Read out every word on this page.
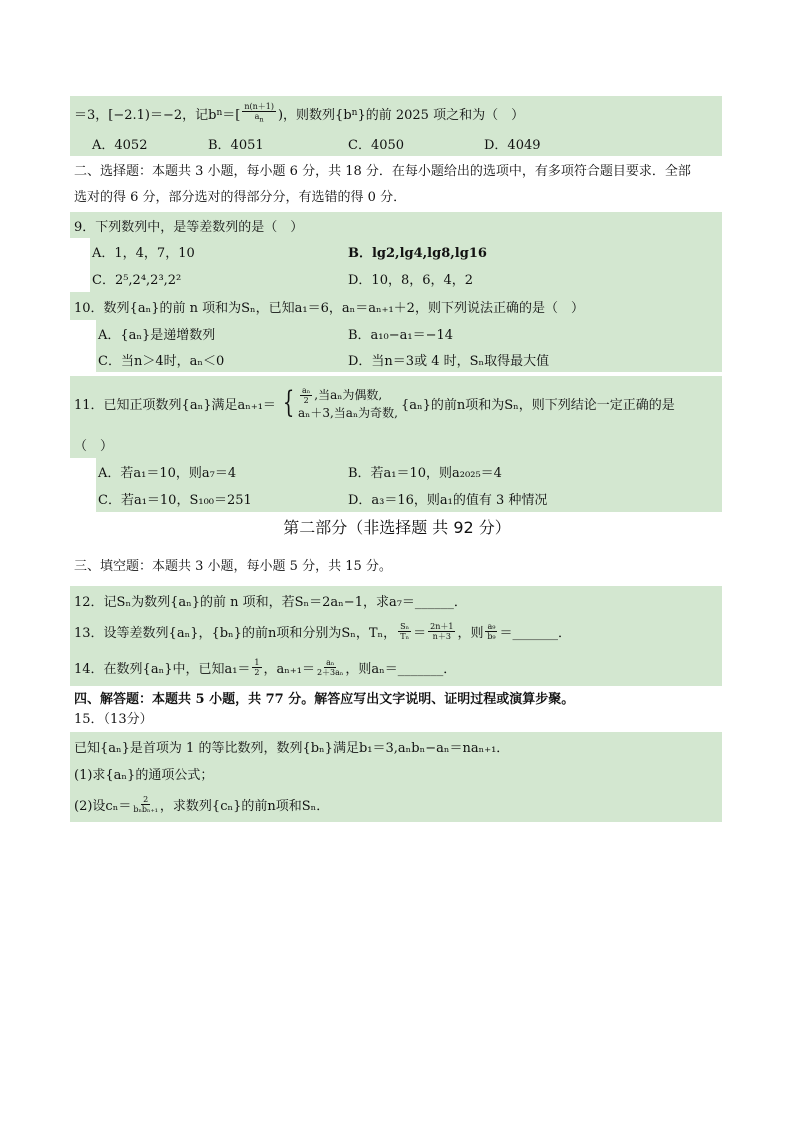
＝3，[−2.1)＝−2，记b n ＝[ $\frac{n(n+1)}{a_n}$ )，则数列{b n }的前 2025 项之和为（　）
A．4052	B．4051	C．4050	D．4049
二、选择题：本题共 3 小题，每小题 6 分，共 18 分．在每小题给出的选项中，有多项符合题目要求．全部
选对的得 6 分，部分选对的得部分分，有选错的得 0 分．
9．下列数列中，是等差数列的是（　）
A．1，4，7，10	B．lg2,lg4,lg8,lg16
C．2⁵,2⁴,2³,2²	D．10，8，6，4，2
10．数列{aₙ}的前 n 项和为Sₙ，已知a₁＝6，aₙ＝aₙ₊₁＋2，则下列说法正确的是（　）
A．{aₙ}是递增数列	B．a₁₀−a₁＝−14
C．当n＞4时，aₙ＜0	D．当n＝3或 4 时，Sₙ取得最大值
11．已知正项数列{aₙ}满足aₙ₊₁＝ { $\frac{\text{aₙ}}{2}$ ,当aₙ为偶数,
aₙ＋3,当aₙ为奇数, {aₙ}的前n项和为Sₙ，则下列结论一定正确的是
（　）
A．若a₁＝10，则a₇＝4	B．若a₁＝10，则a₂₀₂₅＝4
C．若a₁＝10，S₁₀₀＝251	D．a₃＝16，则a₁的值有 3 种情况
第二部分（非选择题 共 92 分）
三、填空题：本题共 3 小题，每小题 5 分，共 15 分。
12．记Sₙ为数列{aₙ}的前 n 项和，若Sₙ＝2aₙ−1，求a₇＝______．
13．设等差数列{aₙ}，{bₙ}的前n项和分别为Sₙ，Tₙ， $\frac{\text{Sₙ}}{\text{Tₙ}} = \frac{2n+1}{n+3}$ ，则 $\frac{\text{a₉}}{\text{b₉}}$ ＝_______．
14．在数列{aₙ}中，已知$a_1= \frac{1}{2}$ ，$a_{n+1}= \frac{\text{aₙ}}{\text{2＋3aₙ}}$ ，则aₙ＝_______．
四、解答题：本题共 5 小题，共 77 分。解答应写出文字说明、证明过程或演算步聚。
15．（13分）
已知{aₙ}是首项为 1 的等比数列，数列{bₙ}满足b₁＝3,aₙbₙ−aₙ＝naₙ₊₁．
(1)求{aₙ}的通项公式；
(2)设$c_n= \frac{2}{\text{bₙbₙ₊₁}}$ ，求数列{cₙ}的前n项和Sₙ．
